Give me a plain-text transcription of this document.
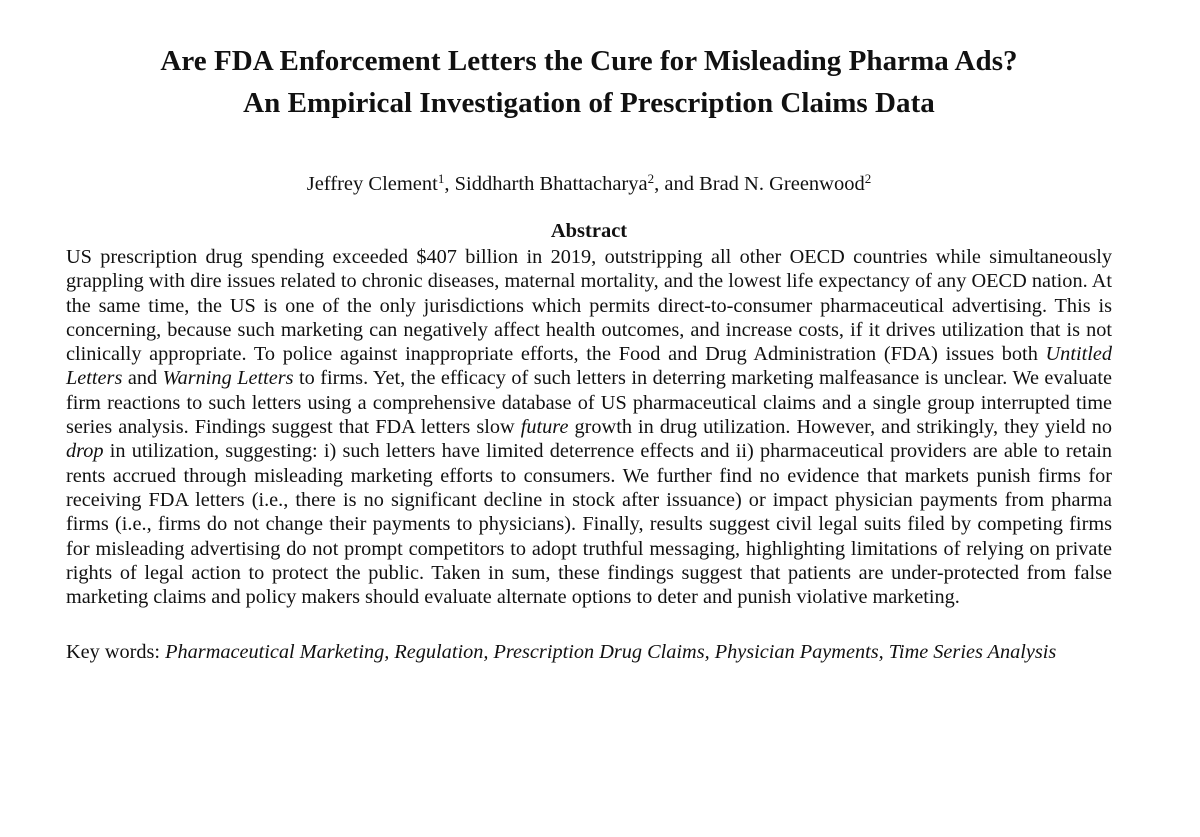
Are FDA Enforcement Letters the Cure for Misleading Pharma Ads?
An Empirical Investigation of Prescription Claims Data
Jeffrey Clement$^1$, Siddharth Bhattacharya$^2$, and Brad N. Greenwood$^2$
Abstract

US prescription drug spending exceeded $407 billion in 2019, outstripping all other OECD countries while simultaneously grappling with dire issues related to chronic diseases, maternal mortality, and the lowest life expectancy of any OECD nation. At the same time, the US is one of the only jurisdictions which permits direct-to-consumer pharmaceutical advertising. This is concerning, because such marketing can negatively affect health outcomes, and increase costs, if it drives utilization that is not clinically appropriate. To police against inappropriate efforts, the Food and Drug Administration (FDA) issues both Untitled Letters and Warning Letters to firms. Yet, the efficacy of such letters in deterring marketing malfeasance is unclear. We evaluate firm reactions to such letters using a comprehensive database of US pharmaceutical claims and a single group interrupted time series analysis. Findings suggest that FDA letters slow future growth in drug utilization. However, and strikingly, they yield no drop in utilization, suggesting: i) such letters have limited deterrence effects and ii) pharmaceutical providers are able to retain rents accrued through misleading marketing efforts to consumers. We further find no evidence that markets punish firms for receiving FDA letters (i.e., there is no significant decline in stock after issuance) or impact physician payments from pharma firms (i.e., firms do not change their payments to physicians). Finally, results suggest civil legal suits filed by competing firms for misleading advertising do not prompt competitors to adopt truthful messaging, highlighting limitations of relying on private rights of legal action to protect the public. Taken in sum, these findings suggest that patients are under-protected from false marketing claims and policy makers should evaluate alternate options to deter and punish violative marketing.

Key words: Pharmaceutical Marketing, Regulation, Prescription Drug Claims, Physician Payments, Time Series Analysis
